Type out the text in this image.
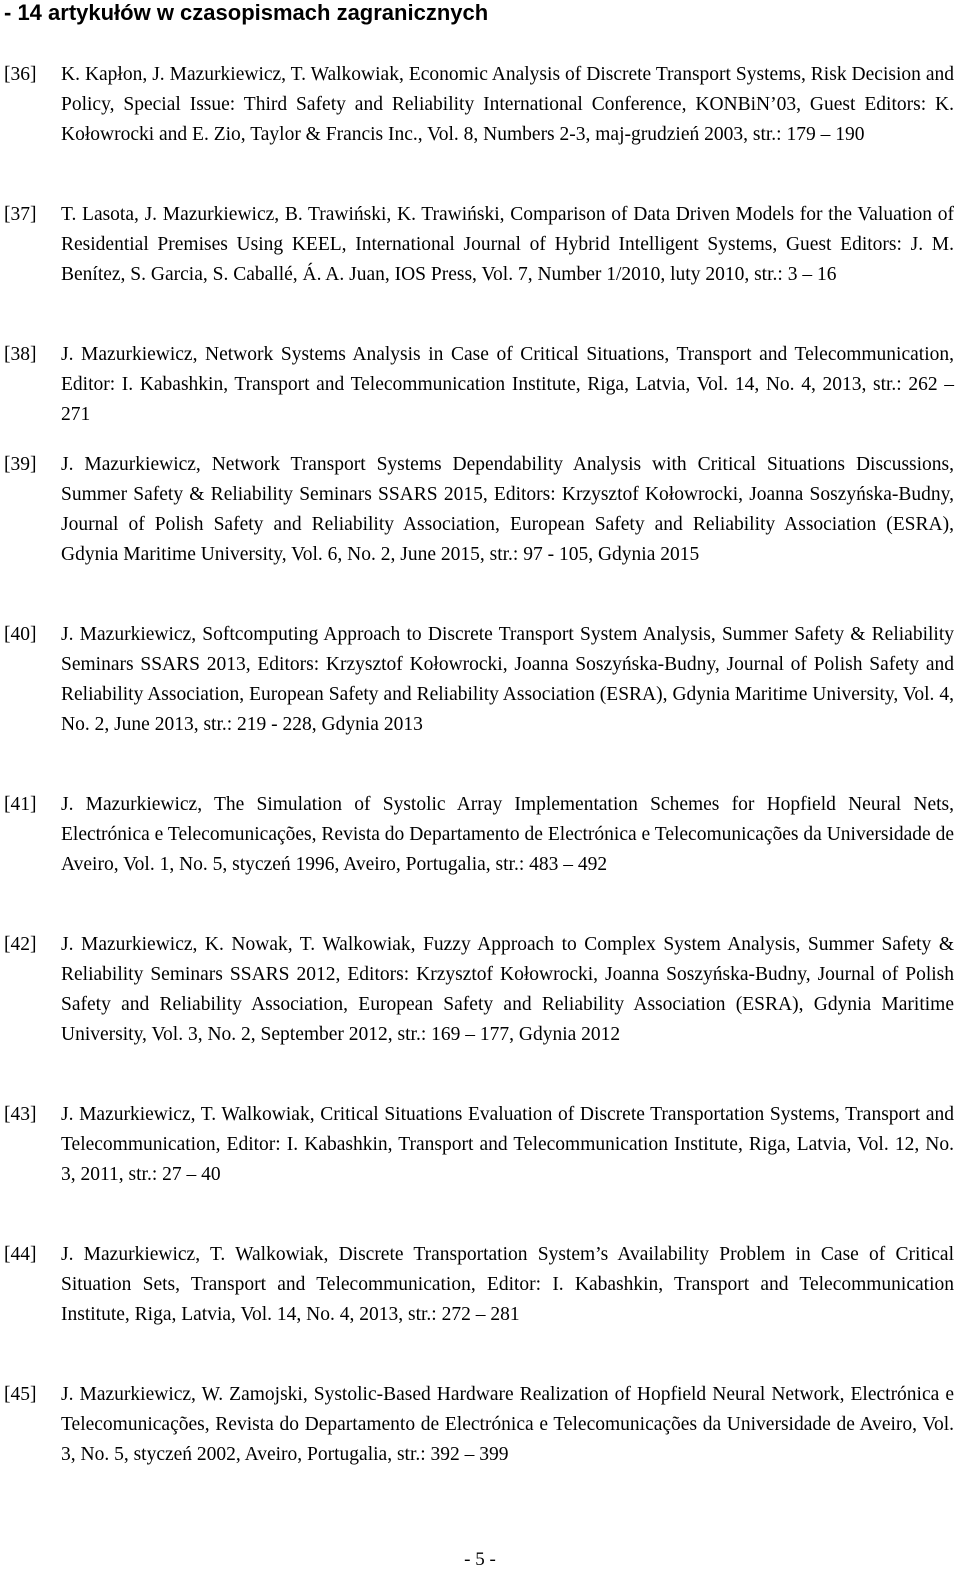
- 14 artykułów w czasopismach zagranicznych
[36] K. Kapłon, J. Mazurkiewicz, T. Walkowiak, Economic Analysis of Discrete Transport Systems, Risk Decision and Policy, Special Issue: Third Safety and Reliability International Conference, KONBiN’03, Guest Editors: K. Kołowrocki and E. Zio, Taylor & Francis Inc., Vol. 8, Numbers 2-3, maj-grudzień 2003, str.: 179 – 190
[37] T. Lasota, J. Mazurkiewicz, B. Trawiński, K. Trawiński, Comparison of Data Driven Models for the Valuation of Residential Premises Using KEEL, International Journal of Hybrid Intelligent Systems, Guest Editors: J. M. Benítez, S. Garcia, S. Caballé, Á. A. Juan, IOS Press, Vol. 7, Number 1/2010, luty 2010, str.: 3 – 16
[38] J. Mazurkiewicz, Network Systems Analysis in Case of Critical Situations, Transport and Telecommunication, Editor: I. Kabashkin, Transport and Telecommunication Institute, Riga, Latvia, Vol. 14, No. 4, 2013, str.: 262 – 271
[39] J. Mazurkiewicz, Network Transport Systems Dependability Analysis with Critical Situations Discussions, Summer Safety & Reliability Seminars SSARS 2015, Editors: Krzysztof Kołowrocki, Joanna Soszyńska-Budny, Journal of Polish Safety and Reliability Association, European Safety and Reliability Association (ESRA), Gdynia Maritime University, Vol. 6, No. 2, June 2015, str.: 97 - 105, Gdynia 2015
[40] J. Mazurkiewicz, Softcomputing Approach to Discrete Transport System Analysis, Summer Safety & Reliability Seminars SSARS 2013, Editors: Krzysztof Kołowrocki, Joanna Soszyńska-Budny, Journal of Polish Safety and Reliability Association, European Safety and Reliability Association (ESRA), Gdynia Maritime University, Vol. 4, No. 2, June 2013, str.: 219 - 228, Gdynia 2013
[41] J. Mazurkiewicz, The Simulation of Systolic Array Implementation Schemes for Hopfield Neural Nets, Electrónica e Telecomunicações, Revista do Departamento de Electrónica e Telecomunicações da Universidade de Aveiro, Vol. 1, No. 5, styczeń 1996, Aveiro, Portugalia, str.: 483 – 492
[42] J. Mazurkiewicz, K. Nowak, T. Walkowiak, Fuzzy Approach to Complex System Analysis, Summer Safety & Reliability Seminars SSARS 2012, Editors: Krzysztof Kołowrocki, Joanna Soszyńska-Budny, Journal of Polish Safety and Reliability Association, European Safety and Reliability Association (ESRA), Gdynia Maritime University, Vol. 3, No. 2, September 2012, str.: 169 – 177, Gdynia 2012
[43] J. Mazurkiewicz, T. Walkowiak, Critical Situations Evaluation of Discrete Transportation Systems, Transport and Telecommunication, Editor: I. Kabashkin, Transport and Telecommunication Institute, Riga, Latvia, Vol. 12, No. 3, 2011, str.: 27 – 40
[44] J. Mazurkiewicz, T. Walkowiak, Discrete Transportation System’s Availability Problem in Case of Critical Situation Sets, Transport and Telecommunication, Editor: I. Kabashkin, Transport and Telecommunication Institute, Riga, Latvia, Vol. 14, No. 4, 2013, str.: 272 – 281
[45] J. Mazurkiewicz, W. Zamojski, Systolic-Based Hardware Realization of Hopfield Neural Network, Electrónica e Telecomunicações, Revista do Departamento de Electrónica e Telecomunicações da Universidade de Aveiro, Vol. 3, No. 5, styczeń 2002, Aveiro, Portugalia, str.: 392 – 399
- 5 -
